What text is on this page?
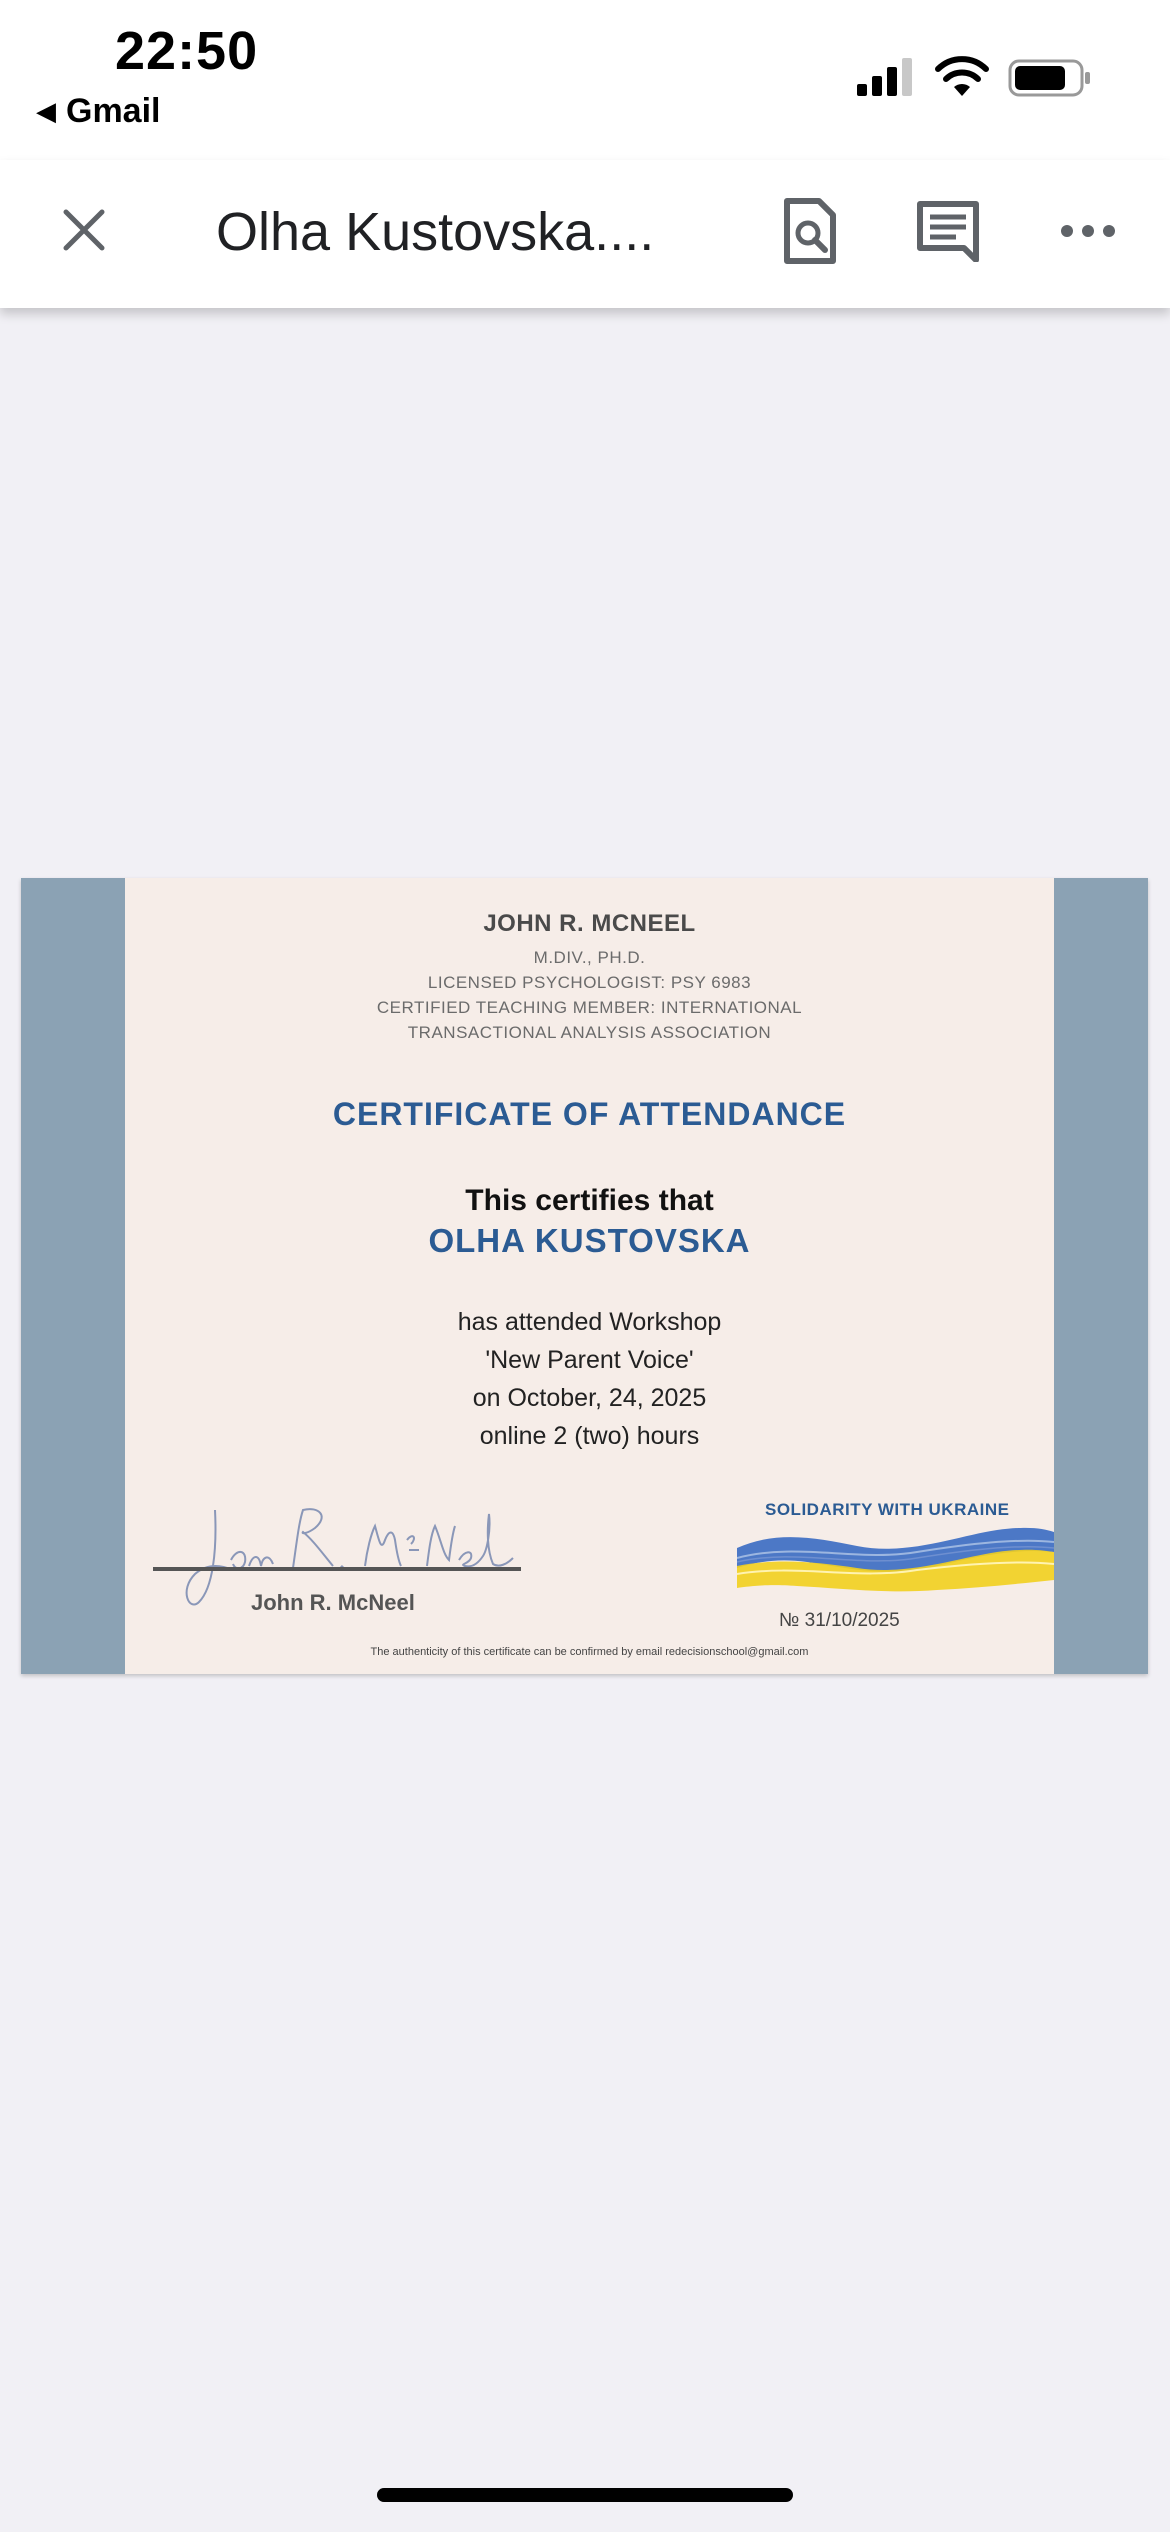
22:50
◀ Gmail
Olha Kustovska....
JOHN R. MCNEEL
M.DIV., PH.D.
LICENSED PSYCHOLOGIST: PSY 6983
CERTIFIED TEACHING MEMBER: INTERNATIONAL
TRANSACTIONAL ANALYSIS ASSOCIATION
CERTIFICATE OF ATTENDANCE
This certifies that
OLHA KUSTOVSKA
has attended Workshop
'New Parent Voice'
on October, 24, 2025
online 2 (two) hours
John R. McNeel
SOLIDARITY WITH UKRAINE
№ 31/10/2025
The authenticity of this certificate can be confirmed by email redecisionschool@gmail.com
